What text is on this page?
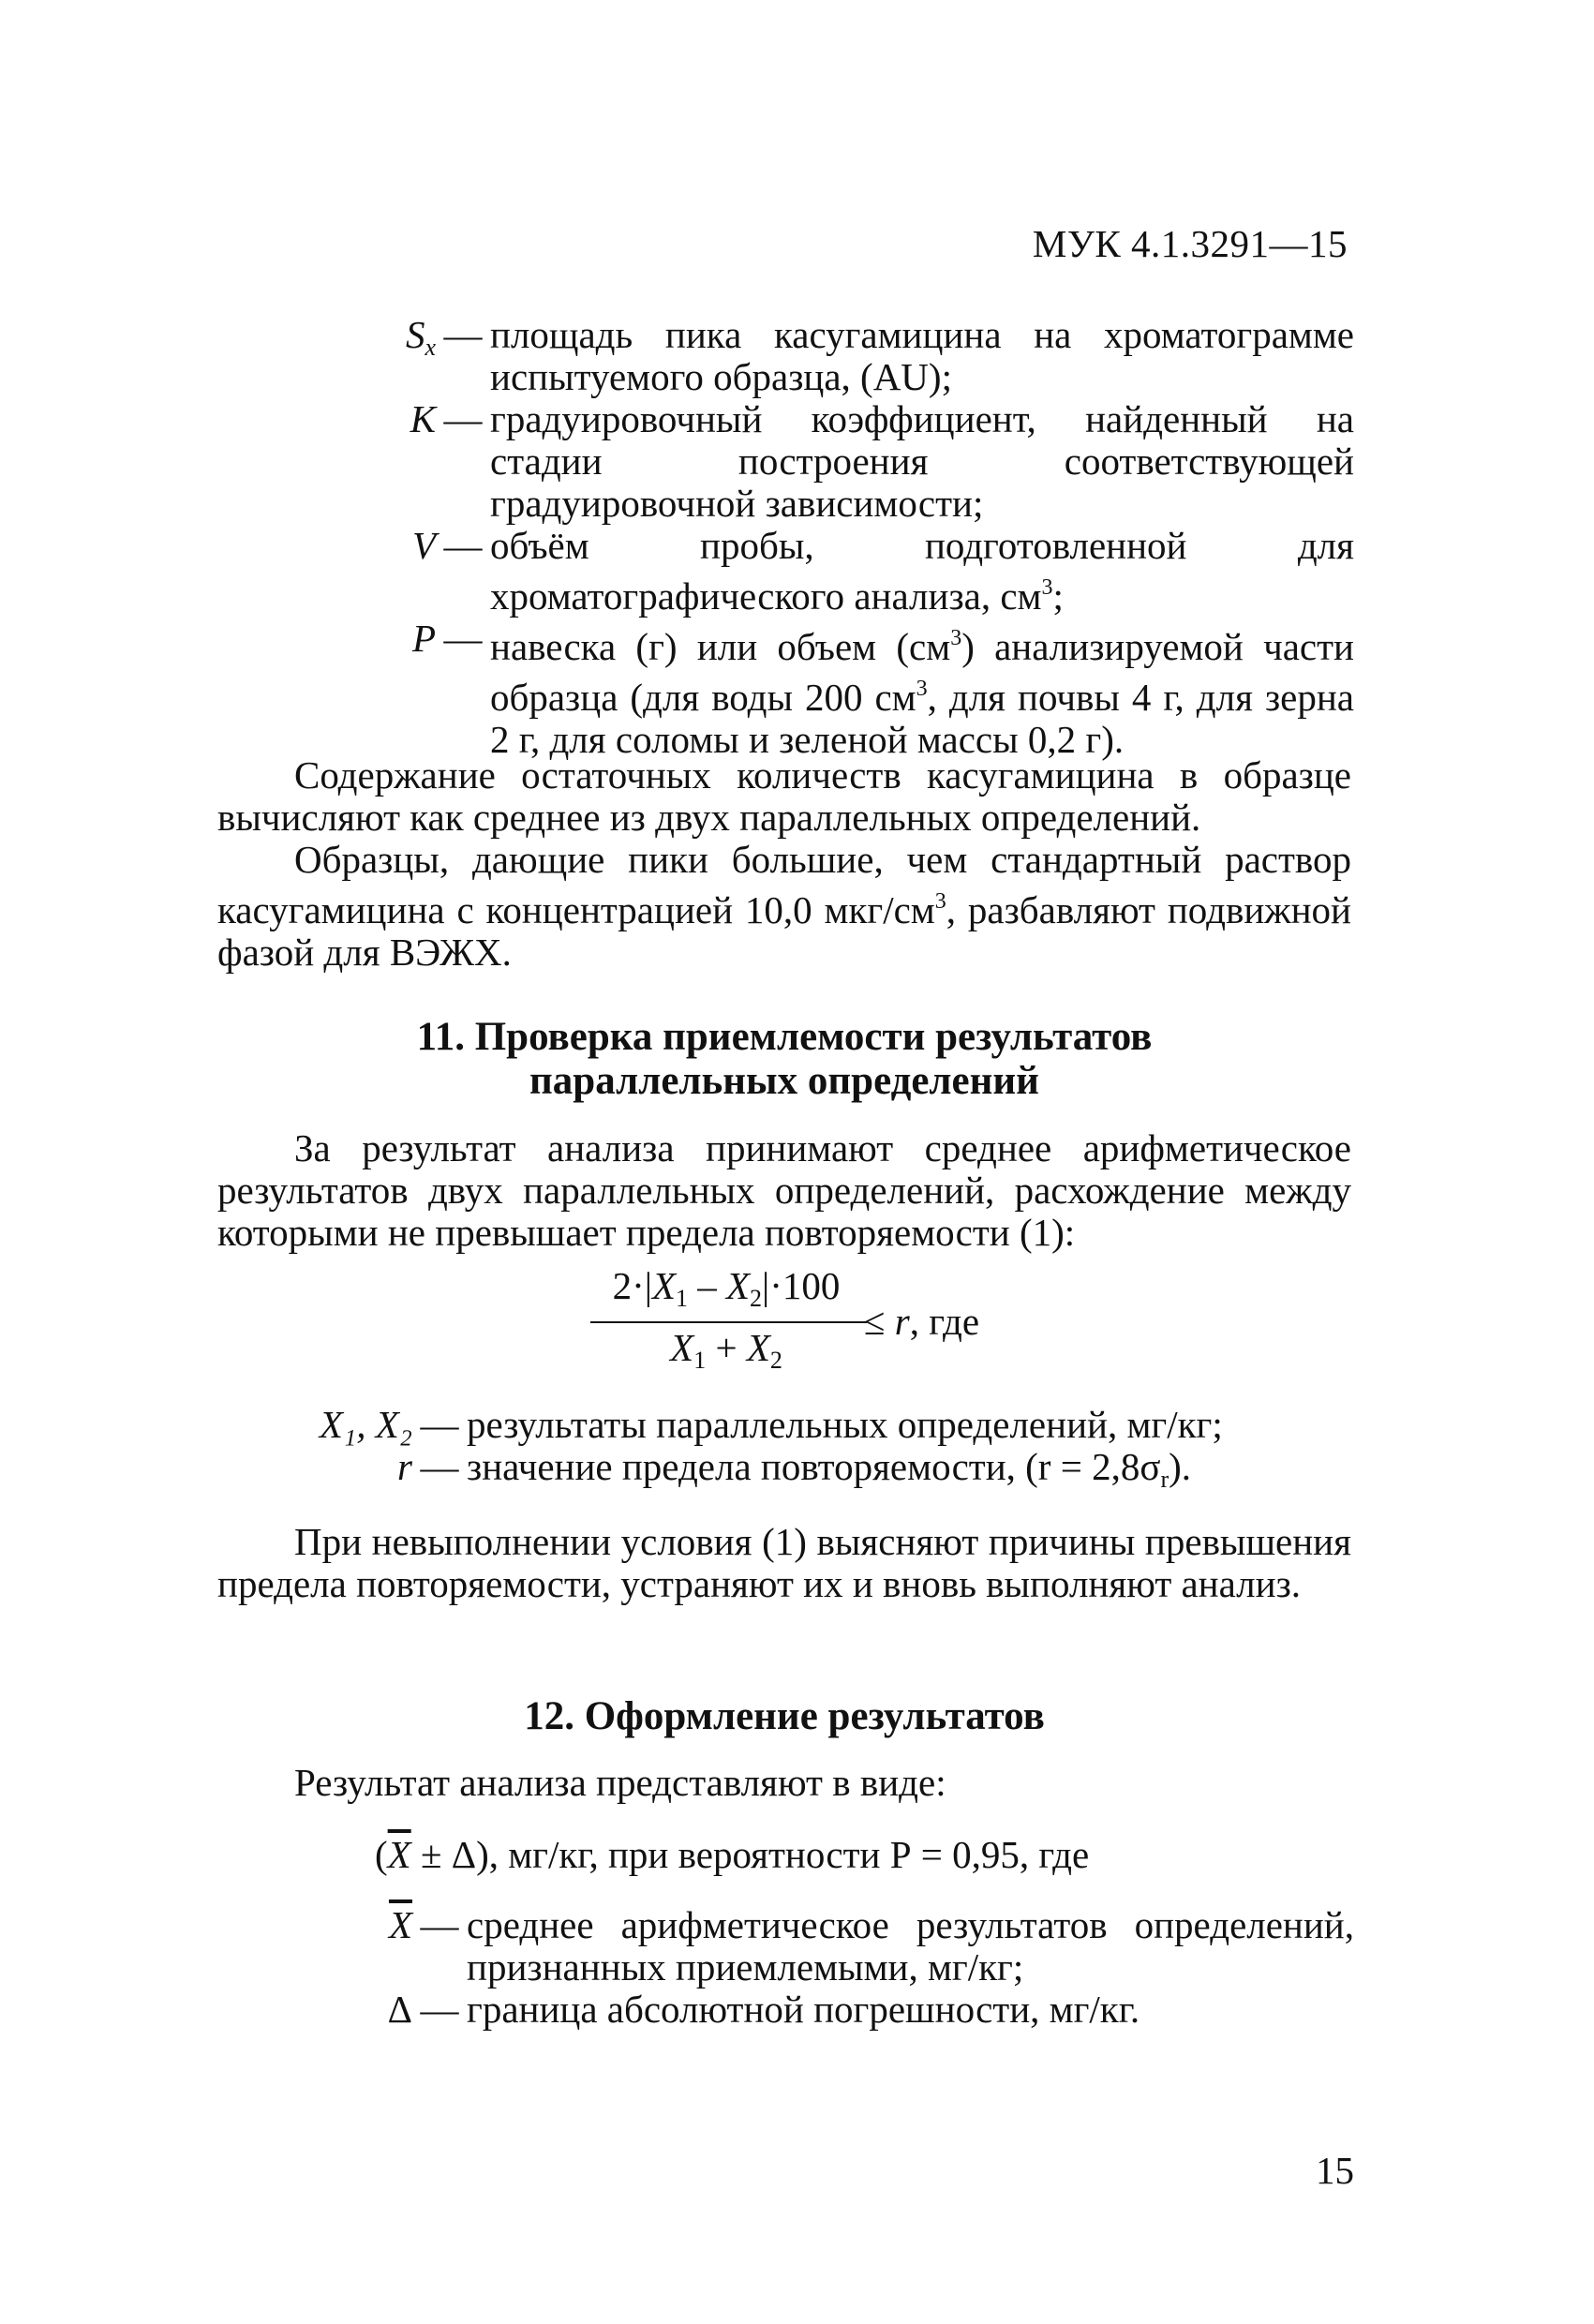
МУК 4.1.3291—15
$S_x$ — площадь пика касугамицина на хроматограмме испытуемого образца, (AU);
K — градуировочный коэффициент, найденный на стадии построения соответствующей градуировочной зависимости;
V — объём пробы, подготовленной для хроматографического анализа, $см^3$;
P — навеска (г) или объем $(см^3)$ анализируемой части образца (для воды 200 $см^3$, для почвы 4 г, для зерна 2 г, для соломы и зеленой массы 0,2 г).

Содержание остаточных количеств касугамицина в образце вычисляют как среднее из двух параллельных определений.

Образцы, дающие пики большие, чем стандартный раствор касугамицина с концентрацией 10,0 мкг/$см^3$, разбавляют подвижной фазой для ВЭЖХ.

11. Проверка приемлемости результатов
параллельных определений

За результат анализа принимают среднее арифметическое результатов двух параллельных определений, расхождение между которыми не превышает предела повторяемости (1):

$2\cdot|X_1 - X_2|\cdot 100$
$X_1 + X_2$
≤ r, где
X₁, X₂ — результаты параллельных определений, мг/кг;
r — значение предела повторяемости, $(r = 2,8\sigma_r)$.

При невыполнении условия (1) выясняют причины превышения предела повторяемости, устраняют их и вновь выполняют анализ.

12. Оформление результатов

Результат анализа представляют в виде:

$(\overline{X} \pm \Delta)$, мг/кг, при вероятности Р = 0,95, где
$\overline{X}$ — среднее арифметическое результатов определений, признанных приемлемыми, мг/кг;
Δ — граница абсолютной погрешности, мг/кг.
15
